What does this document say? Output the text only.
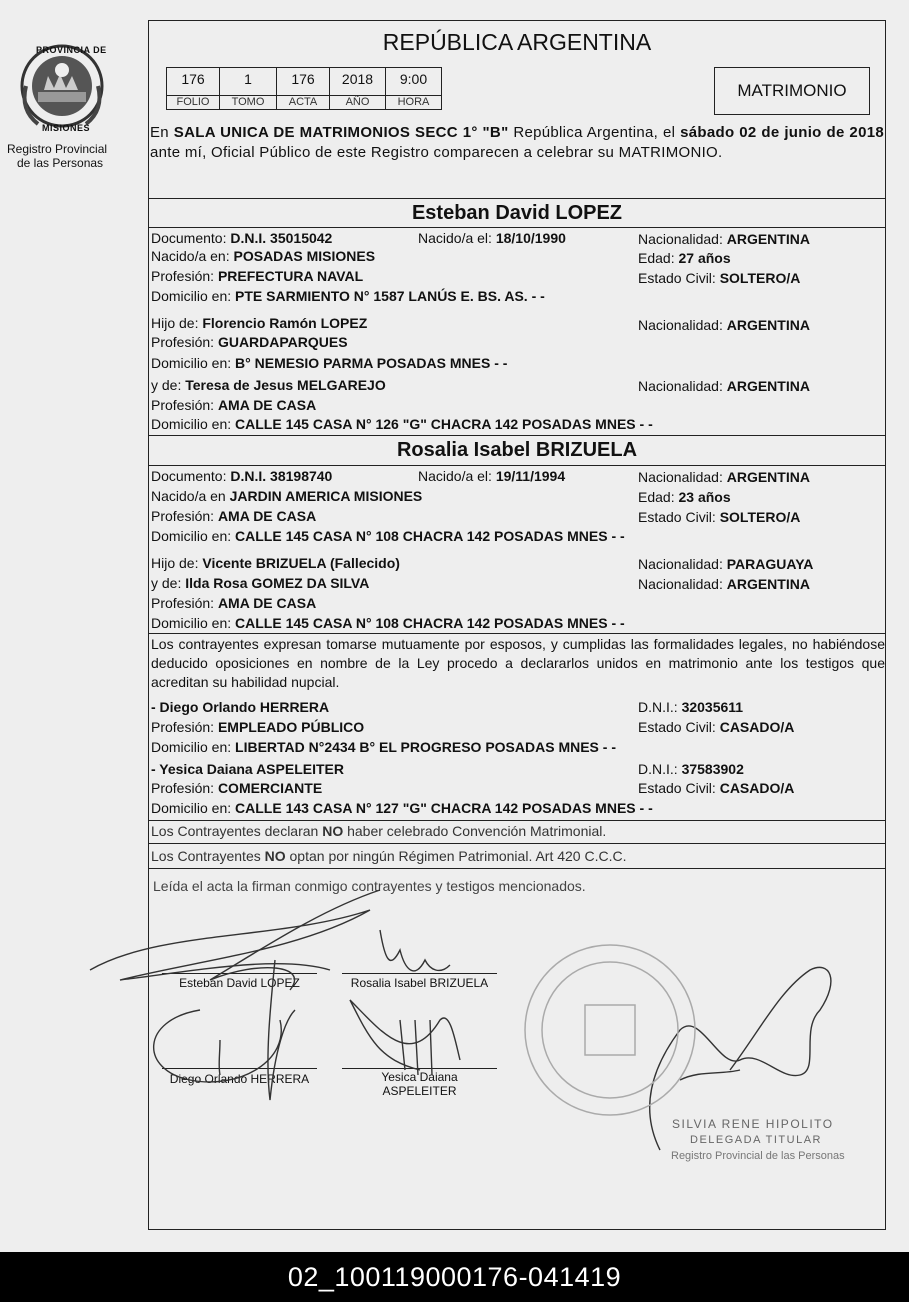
PROVINCIA DE
MISIONES
Registro Provincial
de las Personas
REPÚBLICA ARGENTINA
176	1	176	2018	9:00
FOLIO	TOMO	ACTA	AÑO	HORA
MATRIMONIO
En SALA UNICA DE MATRIMONIOS SECC 1° "B" República Argentina, el sábado 02 de junio de 2018 ante mí, Oficial Público de este Registro comparecen a celebrar su MATRIMONIO.
Esteban David LOPEZ
Documento: D.N.I. 35015042	Nacido/a el: 18/10/1990	Nacionalidad: ARGENTINA
Nacido/a en: POSADAS MISIONES	Edad: 27 años
Profesión: PREFECTURA NAVAL	Estado Civil: SOLTERO/A
Domicilio en: PTE SARMIENTO N° 1587 LANÚS E. BS. AS. - -
Hijo de: Florencio Ramón LOPEZ	Nacionalidad: ARGENTINA
Profesión: GUARDAPARQUES
Domicilio en: B° NEMESIO PARMA POSADAS MNES - -
y de: Teresa de Jesus MELGAREJO	Nacionalidad: ARGENTINA
Profesión: AMA DE CASA
Domicilio en: CALLE 145 CASA N° 126 "G" CHACRA 142 POSADAS MNES - -
Rosalia Isabel BRIZUELA
Documento: D.N.I. 38198740	Nacido/a el: 19/11/1994	Nacionalidad: ARGENTINA
Nacido/a en JARDIN AMERICA MISIONES	Edad: 23 años
Profesión: AMA DE CASA	Estado Civil: SOLTERO/A
Domicilio en: CALLE 145 CASA N° 108 CHACRA 142 POSADAS MNES - -
Hijo de: Vicente BRIZUELA (Fallecido)	Nacionalidad: PARAGUAYA
y de: Ilda Rosa GOMEZ DA SILVA	Nacionalidad: ARGENTINA
Profesión: AMA DE CASA
Domicilio en: CALLE 145 CASA N° 108 CHACRA 142 POSADAS MNES - -
Los contrayentes expresan tomarse mutuamente por esposos, y cumplidas las formalidades legales, no habiéndose deducido oposiciones en nombre de la Ley procedo a declararlos unidos en matrimonio ante los testigos que acreditan su habilidad nupcial.
- Diego Orlando HERRERA	D.N.I.: 32035611
Profesión: EMPLEADO PÚBLICO	Estado Civil: CASADO/A
Domicilio en: LIBERTAD N°2434 B° EL PROGRESO POSADAS MNES - -
- Yesica Daiana ASPELEITER	D.N.I.: 37583902
Profesión: COMERCIANTE	Estado Civil: CASADO/A
Domicilio en: CALLE 143 CASA N° 127 "G" CHACRA 142 POSADAS MNES - -
Los Contrayentes declaran NO haber celebrado Convención Matrimonial.
Los Contrayentes NO optan por ningún Régimen Patrimonial. Art 420 C.C.C.
Leída el acta la firman conmigo contrayentes y testigos mencionados.
Esteban David LOPEZ	Rosalia Isabel BRIZUELA
Diego Orlando HERRERA	Yesica Daiana
ASPELEITER
SILVIA RENE HIPOLITO
DELEGADA TITULAR
Registro Provincial de las Personas
02_100119000176-041419
